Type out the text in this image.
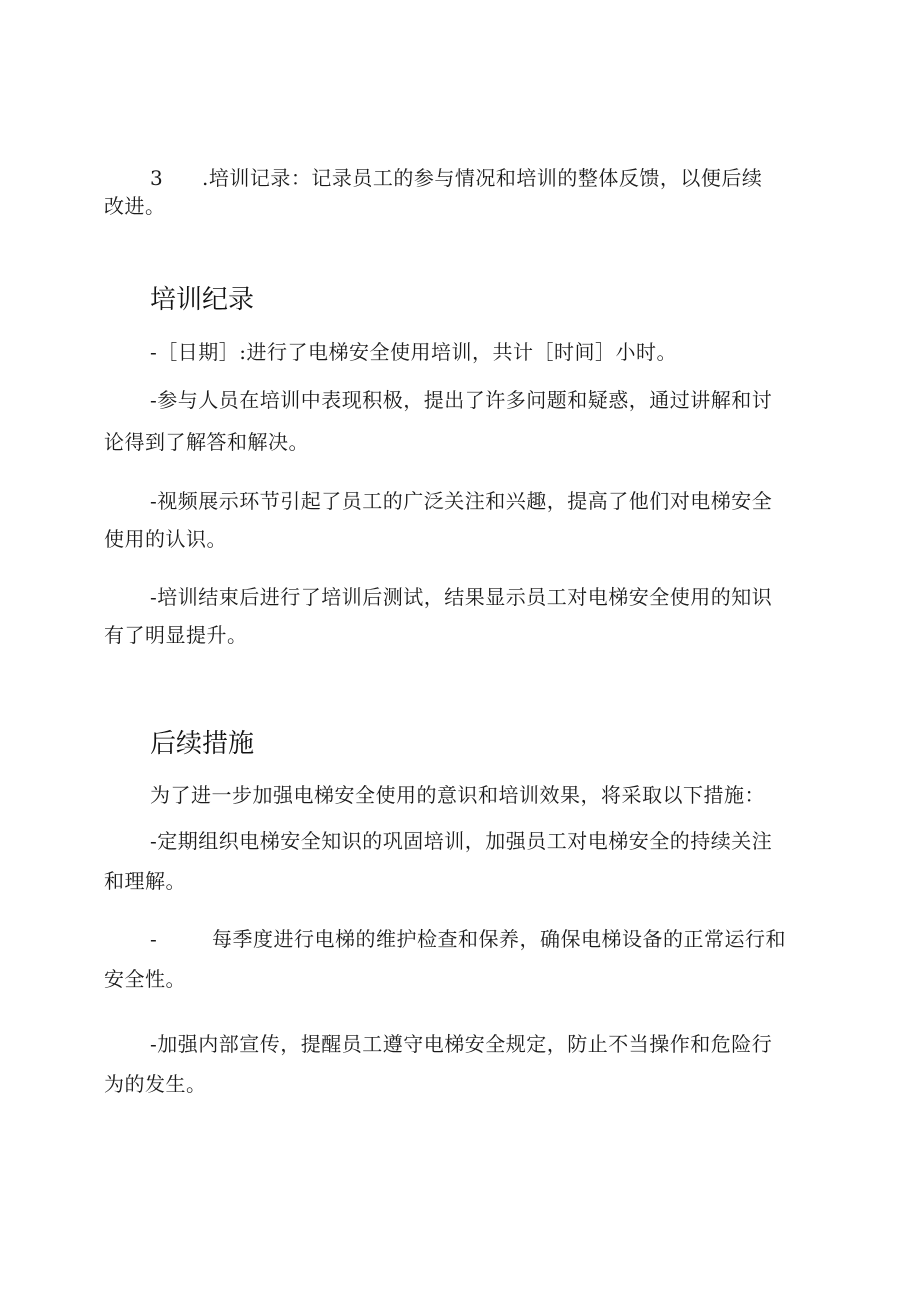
3 .培训记录：记录员工的参与情况和培训的整体反馈，以便后续
改进。
培训纪录
-［日期］:进行了电梯安全使用培训，共计［时间］小时。
-参与人员在培训中表现积极，提出了许多问题和疑惑，通过讲解和讨
论得到了解答和解决。
-视频展示环节引起了员工的广泛关注和兴趣，提高了他们对电梯安全
使用的认识。
-培训结束后进行了培训后测试，结果显示员工对电梯安全使用的知识
有了明显提升。
后续措施
为了进一步加强电梯安全使用的意识和培训效果，将采取以下措施：
-定期组织电梯安全知识的巩固培训，加强员工对电梯安全的持续关注
和理解。
-	每季度进行电梯的维护检查和保养，确保电梯设备的正常运行和
安全性。
-加强内部宣传，提醒员工遵守电梯安全规定，防止不当操作和危险行
为的发生。
